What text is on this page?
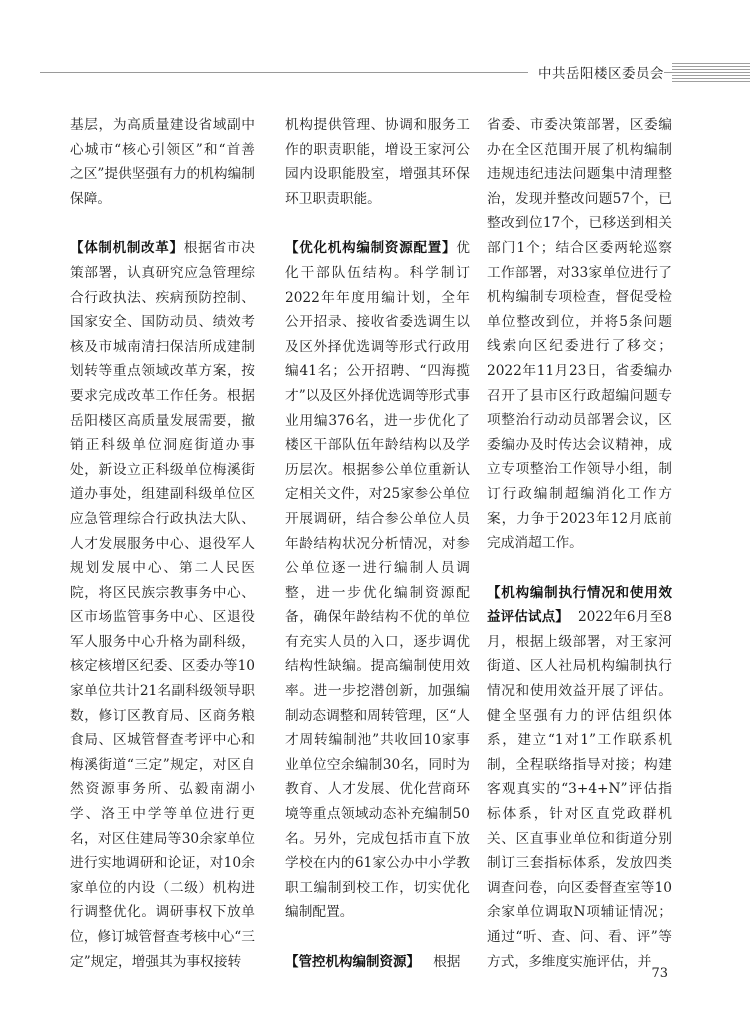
中共岳阳楼区委员会

基层，为高质量建设省域副中心城市“核心引领区”和“首善之区”提供坚强有力的机构编制保障。

【体制机制改革】根据省市决策部署，认真研究应急管理综合行政执法、疾病预防控制、国家安全、国防动员、绩效考核及市城南清扫保洁所成建制划转等重点领域改革方案，按要求完成改革工作任务。根据岳阳楼区高质量发展需要，撤销正科级单位洞庭街道办事处，新设立正科级单位梅溪街道办事处，组建副科级单位区应急管理综合行政执法大队、人才发展服务中心、退役军人规划发展中心、第二人民医院，将区民族宗教事务中心、区市场监管事务中心、区退役军人服务中心升格为副科级，核定核增区纪委、区委办等10家单位共计21名副科级领导职数，修订区教育局、区商务粮食局、区城管督查考评中心和梅溪街道“三定”规定，对区自然资源事务所、弘毅南湖小学、洛王中学等单位进行更名，对区住建局等30余家单位进行实地调研和论证，对10余家单位的内设（二级）机构进行调整优化。调研事权下放单位，修订城管督查考核中心“三定”规定，增强其为事权接转

机构提供管理、协调和服务工作的职责职能，增设王家河公园内设职能股室，增强其环保环卫职责职能。

【优化机构编制资源配置】优化干部队伍结构。科学制订2022年年度用编计划，全年公开招录、接收省委选调生以及区外择优选调等形式行政用编41名；公开招聘、“四海揽才”以及区外择优选调等形式事业用编376名，进一步优化了楼区干部队伍年龄结构以及学历层次。根据参公单位重新认定相关文件，对25家参公单位开展调研，结合参公单位人员年龄结构状况分析情况，对参公单位逐一进行编制人员调整，进一步优化编制资源配备，确保年龄结构不优的单位有充实人员的入口，逐步调优结构性缺编。提高编制使用效率。进一步挖潜创新，加强编制动态调整和周转管理，区“人才周转编制池”共收回10家事业单位空余编制30名，同时为教育、人才发展、优化营商环境等重点领域动态补充编制50名。另外，完成包括市直下放学校在内的61家公办中小学教职工编制到校工作，切实优化编制配置。

【管控机构编制资源】 根据

省委、市委决策部署，区委编办在全区范围开展了机构编制违规违纪违法问题集中清理整治，发现并整改问题57个，已整改到位17个，已移送到相关部门1个；结合区委两轮巡察工作部署，对33家单位进行了机构编制专项检查，督促受检单位整改到位，并将5条问题线索向区纪委进行了移交；2022年11月23日，省委编办召开了县市区行政超编问题专项整治行动动员部署会议，区委编办及时传达会议精神，成立专项整治工作领导小组，制订行政编制超编消化工作方案，力争于2023年12月底前完成消超工作。

【机构编制执行情况和使用效益评估试点】 2022年6月至8月，根据上级部署，对王家河街道、区人社局机构编制执行情况和使用效益开展了评估。健全坚强有力的评估组织体系，建立“1对1”工作联系机制，全程联络指导对接；构建客观真实的“3+4+N”评估指标体系，针对区直党政群机关、区直事业单位和街道分别制订三套指标体系，发放四类调查问卷，向区委督查室等10余家单位调取N项辅证情况；通过“听、查、问、看、评”等方式，多维度实施评估，并

73
